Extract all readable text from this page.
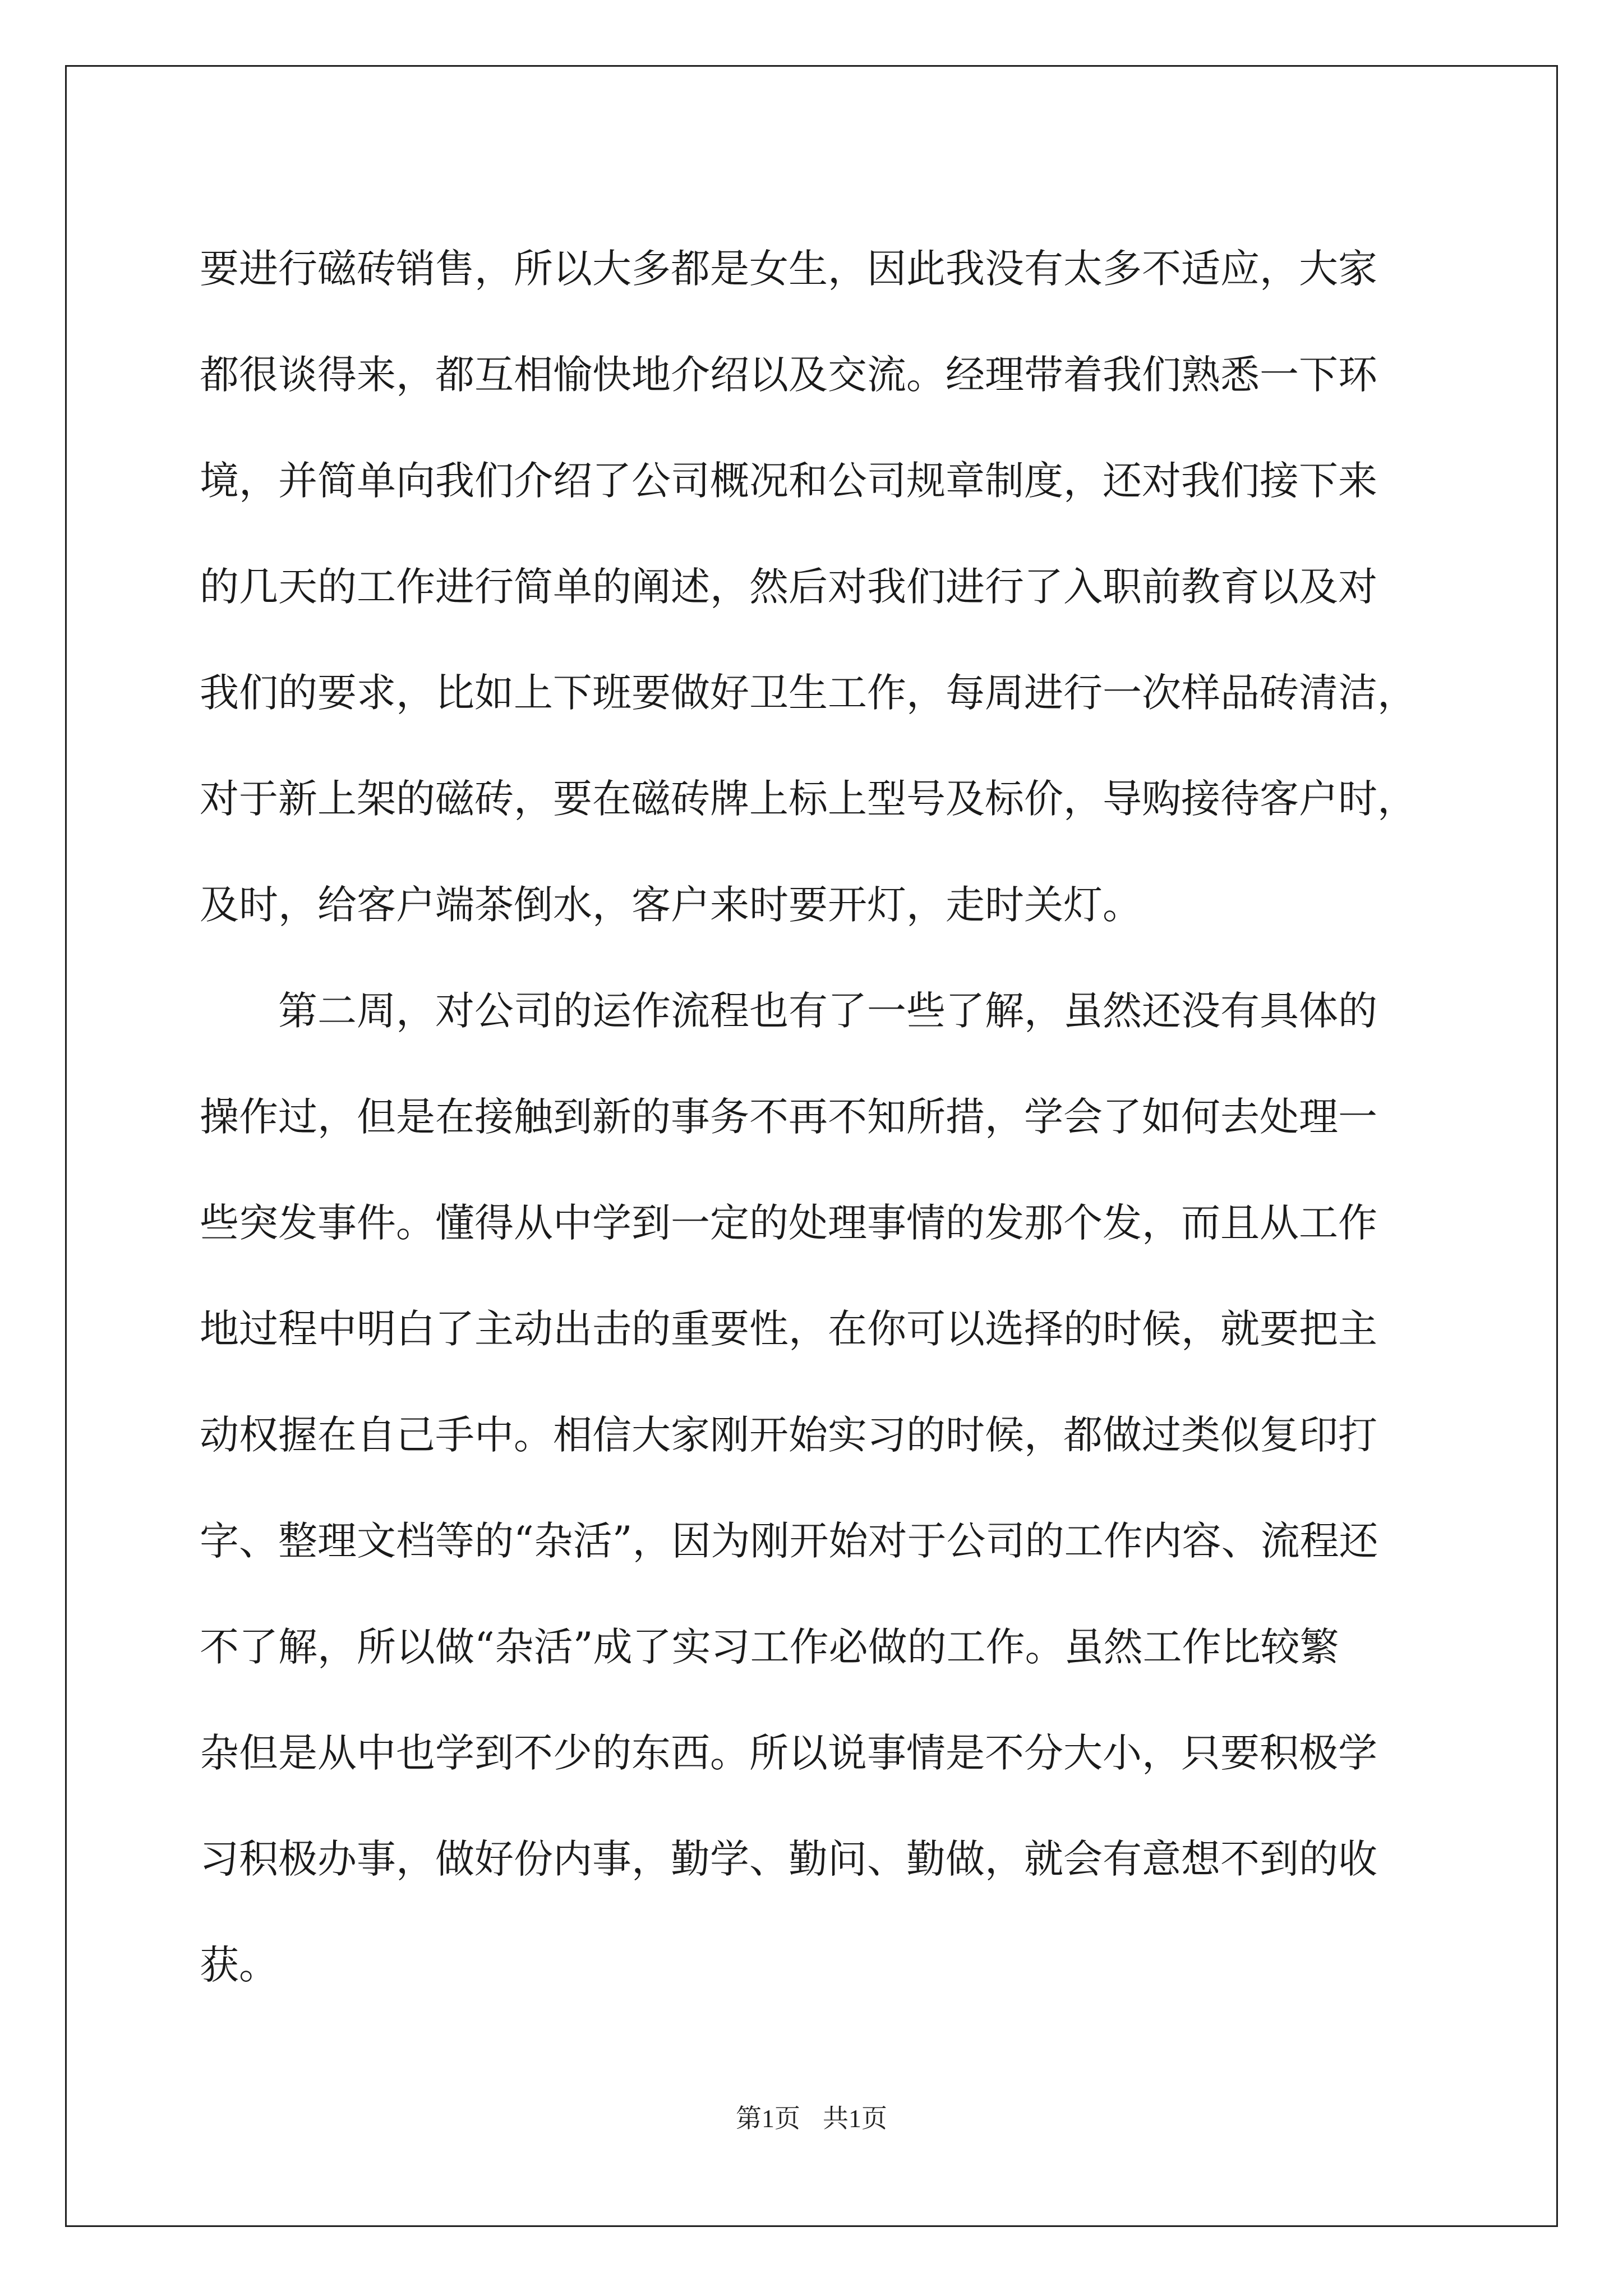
要进行磁砖销售，所以大多都是女生，因此我没有太多不适应，大家
都很谈得来，都互相愉快地介绍以及交流。经理带着我们熟悉一下环
境，并简单向我们介绍了公司概况和公司规章制度，还对我们接下来
的几天的工作进行简单的阐述，然后对我们进行了入职前教育以及对
我们的要求，比如上下班要做好卫生工作，每周进行一次样品砖清洁，
对于新上架的磁砖，要在磁砖牌上标上型号及标价，导购接待客户时，
及时，给客户端茶倒水，客户来时要开灯，走时关灯。

第二周，对公司的运作流程也有了一些了解，虽然还没有具体的
操作过，但是在接触到新的事务不再不知所措，学会了如何去处理一
些突发事件。懂得从中学到一定的处理事情的发那个发，而且从工作
地过程中明白了主动出击的重要性，在你可以选择的时候，就要把主
动权握在自己手中。相信大家刚开始实习的时候，都做过类似复印打
字、整理文档等的“杂活”，因为刚开始对于公司的工作内容、流程还
不了解，所以做“杂活”成了实习工作必做的工作。虽然工作比较繁
杂但是从中也学到不少的东西。所以说事情是不分大小，只要积极学
习积极办事，做好份内事，勤学、勤问、勤做，就会有意想不到的收
获。

第1页 共1页
